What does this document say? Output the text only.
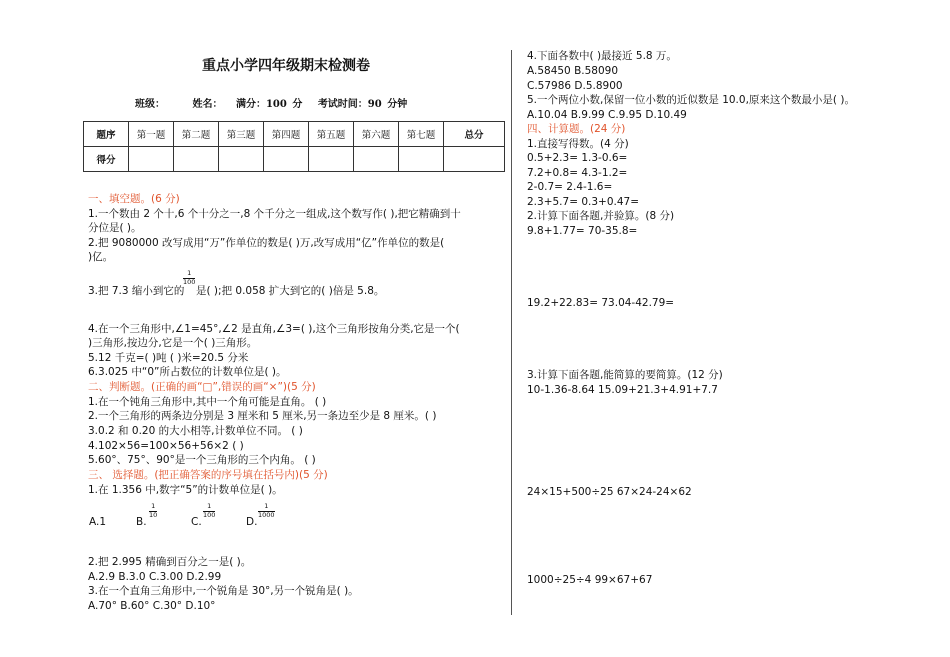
重点小学四年级期末检测卷
班级：	姓名： 满分：100 分 考试时间：90 分钟
题序	第一题	第二题	第三题	第四题	第五题	第六题	第七题	总分
得分								
一、填空题。(6 分)
1.一个数由 2 个十,6 个十分之一,8 个千分之一组成,这个数写作( ),把它精确到十
分位是( )。
2.把 9080000 改写成用“万”作单位的数是( )万,改写成用“亿”作单位的数是(
)亿。
3.把 7.3 缩小到它的
$\frac{1}{100}$
是( );把 0.058 扩大到它的( )倍是 5.8。
4.在一个三角形中,∠1=45°,∠2 是直角,∠3=( ),这个三角形按角分类,它是一个(
)三角形,按边分,它是一个( )三角形。
5.12 千克=( )吨 ( )米=20.5 分米
6.3.025 中“0”所占数位的计数单位是( )。
二、判断题。(正确的画“□”,错误的画“×”)(5 分)
1.在一个钝角三角形中,其中一个角可能是直角。 ( )
2.一个三角形的两条边分别是 3 厘米和 5 厘米,另一条边至少是 8 厘米。( )
3.0.2 和 0.20 的大小相等,计数单位不同。 ( )
4.102×56=100×56+56×2 ( )
5.60°、75°、90°是一个三角形的三个内角。 ( )
三、 选择题。(把正确答案的序号填在括号内)(5 分)
1.在 1.356 中,数字“5”的计数单位是( )。
A.1	B.
$\frac{1}{10}$
C.
$\frac{1}{100}$
D.
$\frac{1}{1000}$
2.把 2.995 精确到百分之一是( )。
A.2.9 B.3.0 C.3.00 D.2.99
3.在一个直角三角形中,一个锐角是 30°,另一个锐角是( )。
A.70° B.60° C.30° D.10°
4.下面各数中( )最接近 5.8 万。
A.58450 B.58090
C.57986 D.5.8900
5.一个两位小数,保留一位小数的近似数是 10.0,原来这个数最小是( )。
A.10.04 B.9.99 C.9.95 D.10.49
四、计算题。(24 分)
1.直接写得数。(4 分)
0.5+2.3= 1.3-0.6=
7.2+0.8= 4.3-1.2=
2-0.7= 2.4-1.6=
2.3+5.7= 0.3+0.47=
2.计算下面各题,并验算。(8 分)
9.8+1.77= 70-35.8=
19.2+22.83= 73.04-42.79=
3.计算下面各题,能简算的要简算。(12 分)
10-1.36-8.64 15.09+21.3+4.91+7.7
24×15+500÷25 67×24-24×62
1000÷25÷4 99×67+67
